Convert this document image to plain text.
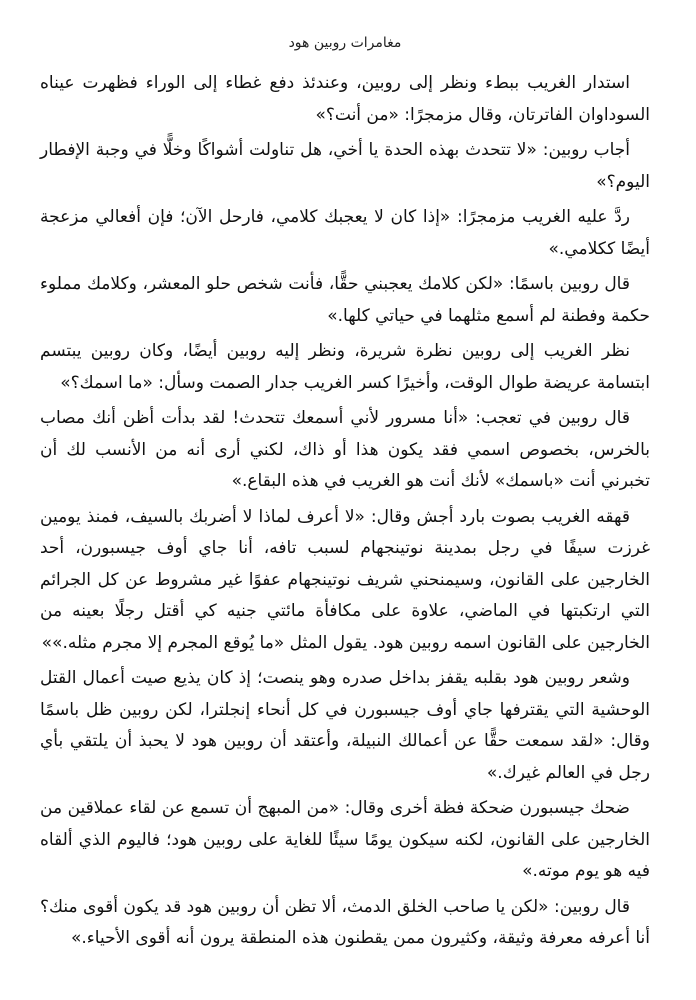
مغامرات روبين هود

استدار الغريب ببطء ونظر إلى روبين، وعندئذ دفع غطاء إلى الوراء فظهرت عيناه السوداوان الفاترتان، وقال مزمجرًا: «من أنت؟»

أجاب روبين: «لا تتحدث بهذه الحدة يا أخي، هل تناولت أشواكًا وخلًّا في وجبة الإفطار اليوم؟»

ردَّ عليه الغريب مزمجرًا: «إذا كان لا يعجبك كلامي، فارحل الآن؛ فإن أفعالي مزعجة أيضًا ككلامي.»

قال روبين باسمًا: «لكن كلامك يعجبني حقًّا، فأنت شخص حلو المعشر، وكلامك مملوء حكمة وفطنة لم أسمع مثلهما في حياتي كلها.»

نظر الغريب إلى روبين نظرة شريرة، ونظر إليه روبين أيضًا، وكان روبين يبتسم ابتسامة عريضة طوال الوقت، وأخيرًا كسر الغريب جدار الصمت وسأل: «ما اسمك؟»

قال روبين في تعجب: «أنا مسرور لأني أسمعك تتحدث! لقد بدأت أظن أنك مصاب بالخرس، بخصوص اسمي فقد يكون هذا أو ذاك، لكني أرى أنه من الأنسب لك أن تخبرني أنت «باسمك» لأنك أنت هو الغريب في هذه البقاع.»

قهقه الغريب بصوت بارد أجش وقال: «لا أعرف لماذا لا أضربك بالسيف، فمنذ يومين غرزت سيفًا في رجل بمدينة نوتينجهام لسبب تافه، أنا جاي أوف جيسبورن، أحد الخارجين على القانون، وسيمنحني شريف نوتينجهام عفوًا غير مشروط عن كل الجرائم التي ارتكبتها في الماضي، علاوة على مكافأة مائتي جنيه كي أقتل رجلًا بعينه من الخارجين على القانون اسمه روبين هود. يقول المثل «ما يُوقع المجرم إلا مجرم مثله.»»

وشعر روبين هود بقلبه يقفز بداخل صدره وهو ينصت؛ إذ كان يذيع صيت أعمال القتل الوحشية التي يقترفها جاي أوف جيسبورن في كل أنحاء إنجلترا، لكن روبين ظل باسمًا وقال: «لقد سمعت حقًّا عن أعمالك النبيلة، وأعتقد أن روبين هود لا يحبذ أن يلتقي بأي رجل في العالم غيرك.»

ضحك جيسبورن ضحكة فظة أخرى وقال: «من المبهج أن تسمع عن لقاء عملاقين من الخارجين على القانون، لكنه سيكون يومًا سيئًا للغاية على روبين هود؛ فاليوم الذي ألقاه فيه هو يوم موته.»

قال روبين: «لكن يا صاحب الخلق الدمث، ألا تظن أن روبين هود قد يكون أقوى منك؟ أنا أعرفه معرفة وثيقة، وكثيرون ممن يقطنون هذه المنطقة يرون أنه أقوى الأحياء.»
